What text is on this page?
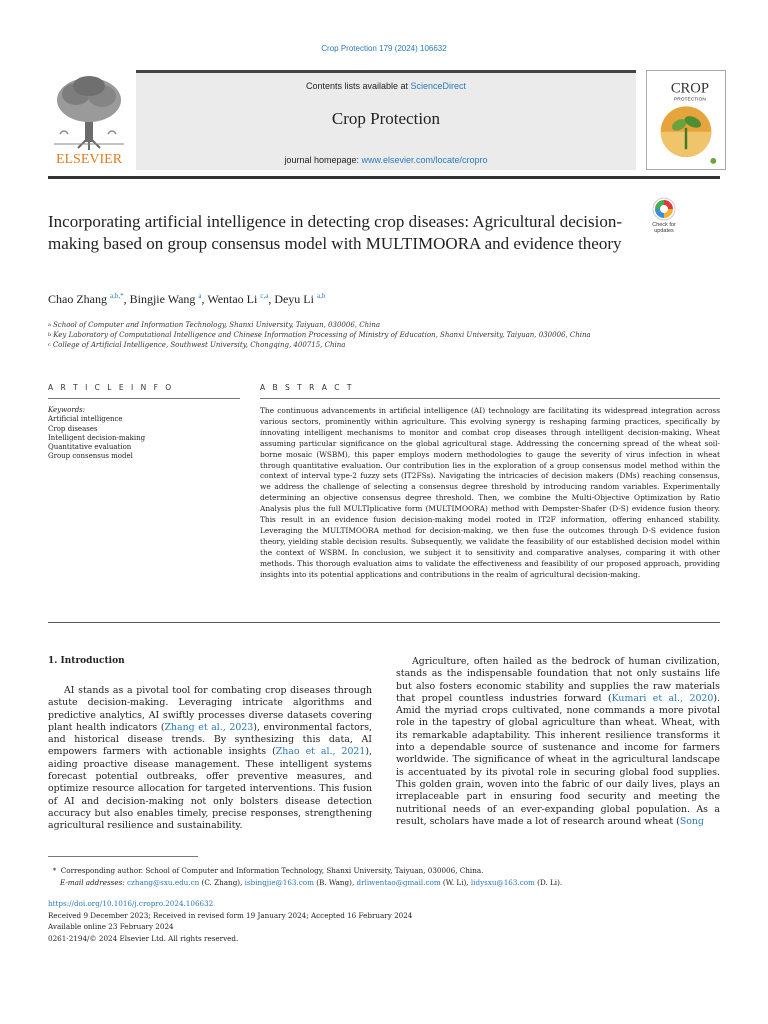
Crop Protection 179 (2024) 106632
ELSEVIER
Contents lists available at ScienceDirect
Crop Protection
journal homepage: www.elsevier.com/locate/cropro
CROP
PROTECTION
Incorporating artificial intelligence in detecting crop diseases: Agricultural decision-making based on group consensus model with MULTIMOORA and evidence theory
Check for updates
Chao Zhang $^{a,b,*}$, Bingjie Wang $^a$, Wentao Li $^{c,a}$, Deyu Li $^{a,b}$
$^a$ School of Computer and Information Technology, Shanxi University, Taiyuan, 030006, China
$^b$ Key Laboratory of Computational Intelligence and Chinese Information Processing of Ministry of Education, Shanxi University, Taiyuan, 030006, China
$^c$ College of Artificial Intelligence, Southwest University, Chongqing, 400715, China
A R T I C L E I N F O	A B S T R A C T
Keywords:
Artificial intelligence
Crop diseases
Intelligent decision-making
Quantitative evaluation
Group consensus model

The continuous advancements in artificial intelligence (AI) technology are facilitating its widespread integration across various sectors, prominently within agriculture. This evolving synergy is reshaping farming practices, specifically by innovating intelligent mechanisms to monitor and combat crop diseases through intelligent decision-making. Wheat assuming particular significance on the global agricultural stage. Addressing the concerning spread of the wheat soil-borne mosaic (WSBM), this paper employs modern methodologies to gauge the severity of virus infection in wheat through quantitative evaluation. Our contribution lies in the exploration of a group consensus model method within the context of interval type-2 fuzzy sets (IT2FSs). Navigating the intricacies of decision makers (DMs) reaching consensus, we address the challenge of selecting a consensus degree threshold by introducing random variables. Experimentally determining an objective consensus degree threshold. Then, we combine the Multi-Objective Optimization by Ratio Analysis plus the full MULTIplicative form (MULTIMOORA) method with Dempster-Shafer (D-S) evidence fusion theory. This result in an evidence fusion decision-making model rooted in IT2F information, offering enhanced stability. Leveraging the MULTIMOORA method for decision-making, we then fuse the outcomes through D-S evidence fusion theory, yielding stable decision results. Subsequently, we validate the feasibility of our established decision model within the context of WSBM. In conclusion, we subject it to sensitivity and comparative analyses, comparing it with other methods. This thorough evaluation aims to validate the effectiveness and feasibility of our proposed approach, providing insights into its potential applications and contributions in the realm of agricultural decision-making.

1. Introduction

AI stands as a pivotal tool for combating crop diseases through astute decision-making. Leveraging intricate algorithms and predictive analytics, AI swiftly processes diverse datasets covering plant health indicators (Zhang et al., 2023), environmental factors, and historical disease trends. By synthesizing this data, AI empowers farmers with actionable insights (Zhao et al., 2021), aiding proactive disease management. These intelligent systems forecast potential outbreaks, offer preventive measures, and optimize resource allocation for targeted interventions. This fusion of AI and decision-making not only bolsters disease detection accuracy but also enables timely, precise responses, strengthening agricultural resilience and sustainability.

Agriculture, often hailed as the bedrock of human civilization, stands as the indispensable foundation that not only sustains life but also fosters economic stability and supplies the raw materials that propel countless industries forward (Kumari et al., 2020). Amid the myriad crops cultivated, none commands a more pivotal role in the tapestry of global agriculture than wheat. Wheat, with its remarkable adaptability. This inherent resilience transforms it into a dependable source of sustenance and income for farmers worldwide. The significance of wheat in the agricultural landscape is accentuated by its pivotal role in securing global food supplies. This golden grain, woven into the fabric of our daily lives, plays an irreplaceable part in ensuring food security and meeting the nutritional needs of an ever-expanding global population. As a result, scholars have made a lot of research around wheat (Song

* Corresponding author. School of Computer and Information Technology, Shanxi University, Taiyuan, 030006, China.
E-mail addresses: czhang@sxu.edu.cn (C. Zhang), isbingjie@163.com (B. Wang), drliwentao@gmail.com (W. Li), lidysxu@163.com (D. Li).
https://doi.org/10.1016/j.cropro.2024.106632
Received 9 December 2023; Received in revised form 19 January 2024; Accepted 16 February 2024
Available online 23 February 2024
0261-2194/© 2024 Elsevier Ltd. All rights reserved.
